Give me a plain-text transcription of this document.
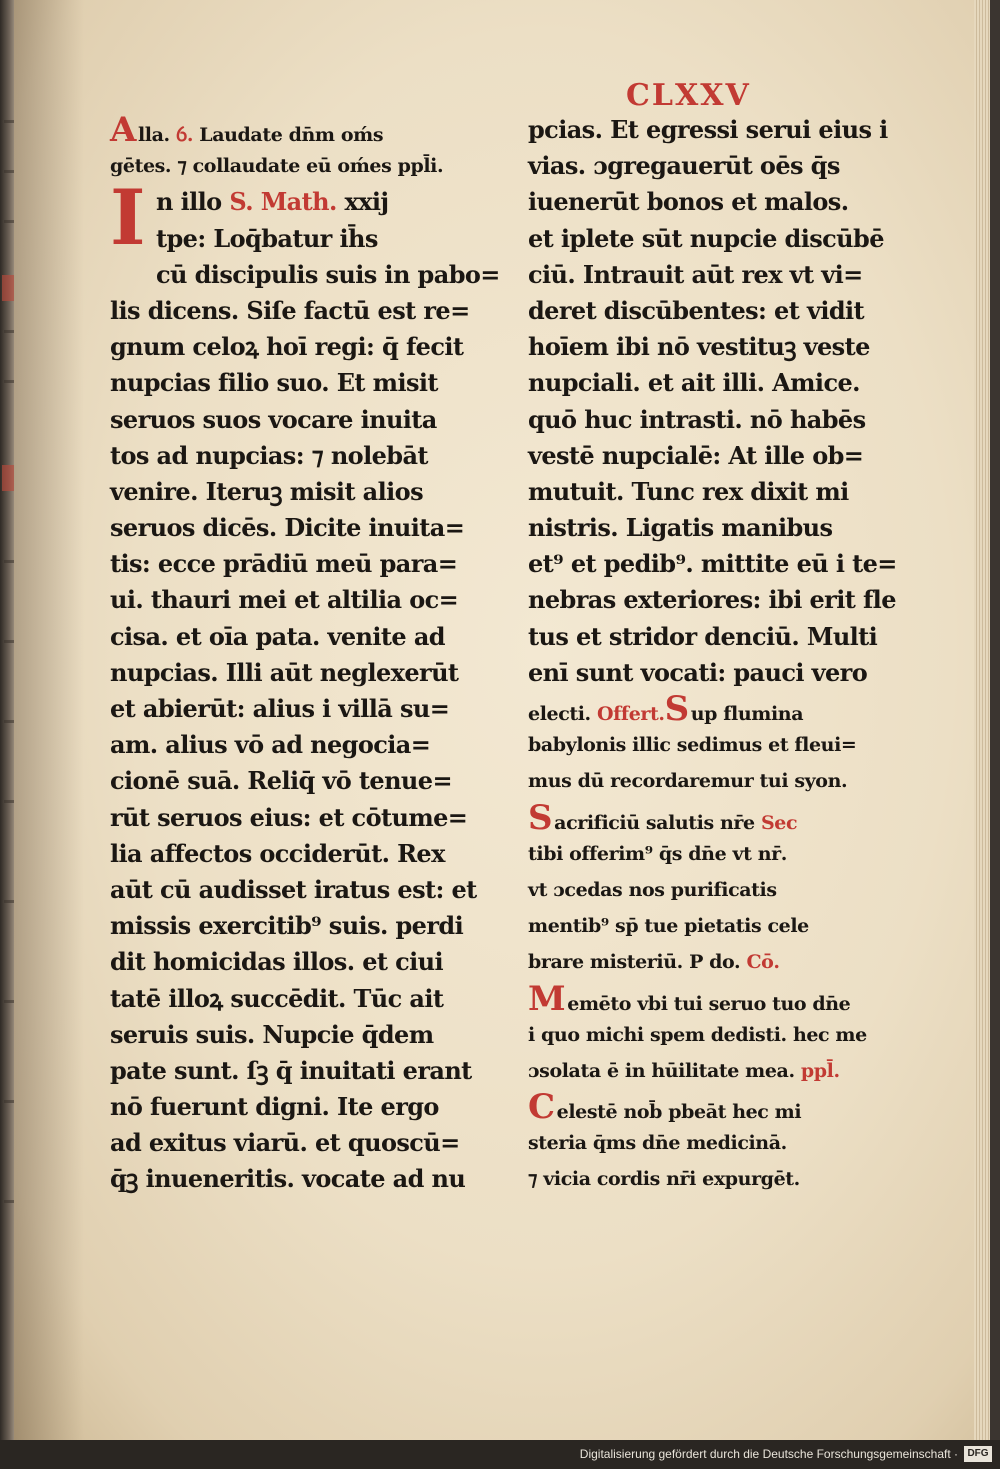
CLXXV
Alla. ỽ. Laudate dn̄m oḿs
gētes. ⁊ collaudate eū oḿes ppl̄i.
In illo S. Math. xxij
tpe: Loq̄batur ih̄s
cū discipulis suis in pabo=
lis dicens. Siſe factū est re=
gnum celoꝝ hoī regi: q̄ fecit
nupcias filio suo. Et misit
seruos suos vocare inuita
tos ad nupcias: ⁊ nolebāt
venire. Iteruꝫ misit alios
seruos dicēs. Dicite inuita=
tis: ecce prādiū meū para=
ui. thauri mei et altilia oc=
cisa. et oīa pata. venite ad
nupcias. Illi aūt neglexerūt
et abierūt: alius i villā su=
am. alius vō ad negocia=
cionē suā. Reliq̄ vō tenue=
rūt seruos eius: et cōtume=
lia affectos occiderūt. Rex
aūt cū audisset iratus est: et
missis exercitib⁹ suis. perdi
dit homicidas illos. et ciui
tatē illoꝝ succēdit. Tūc ait
seruis suis. Nupcie q̄dem
pate sunt. ſꝫ q̄ inuitati erant
nō fuerunt digni. Ite ergo
ad exitus viarū. et quoscū=
q̄ꝫ inueneritis. vocate ad nu
pcias. Et egressi serui eius i
vias. ɔgregauerūt oēs q̄s
iuenerūt bonos et malos.
et iplete sūt nupcie discūbē
ciū. Intrauit aūt rex vt vi=
deret discūbentes: et vidit
hoīem ibi nō vestituꝫ veste
nupciali. et ait illi. Amice.
quō huc intrasti. nō habēs
vestē nupcialē: At ille ob=
mutuit. Tunc rex dixit mi
nistris. Ligatis manibus
et⁹ et pedib⁹. mittite eū i te=
nebras exteriores: ibi erit fle
tus et stridor denciū. Multi
enī sunt vocati: pauci vero
electi. Offert.S up flumina
babylonis illic sedimus et fleui=
mus dū recordaremur tui syon.
Sacrificiū salutis nr̄e Sec
tibi offerim⁹ q̄s dn̄e vt nr̄.
vt ɔcedas nos purificatis
mentib⁹ sp̄ tue pietatis cele
brare misteriū. P do. Cō.
Memēto vbi tui seruo tuo dn̄e
i quo michi spem dedisti. hec me
ɔsolata ē in hūilitate mea. ppl̄.
Celestē nob̄ pbeāt hec mi
steria q̄ms dn̄e medicinā.
⁊ vicia cordis nr̄i expurgēt.
Digitalisierung gefördert durch die Deutsche Forschungsgemeinschaft · DFG
